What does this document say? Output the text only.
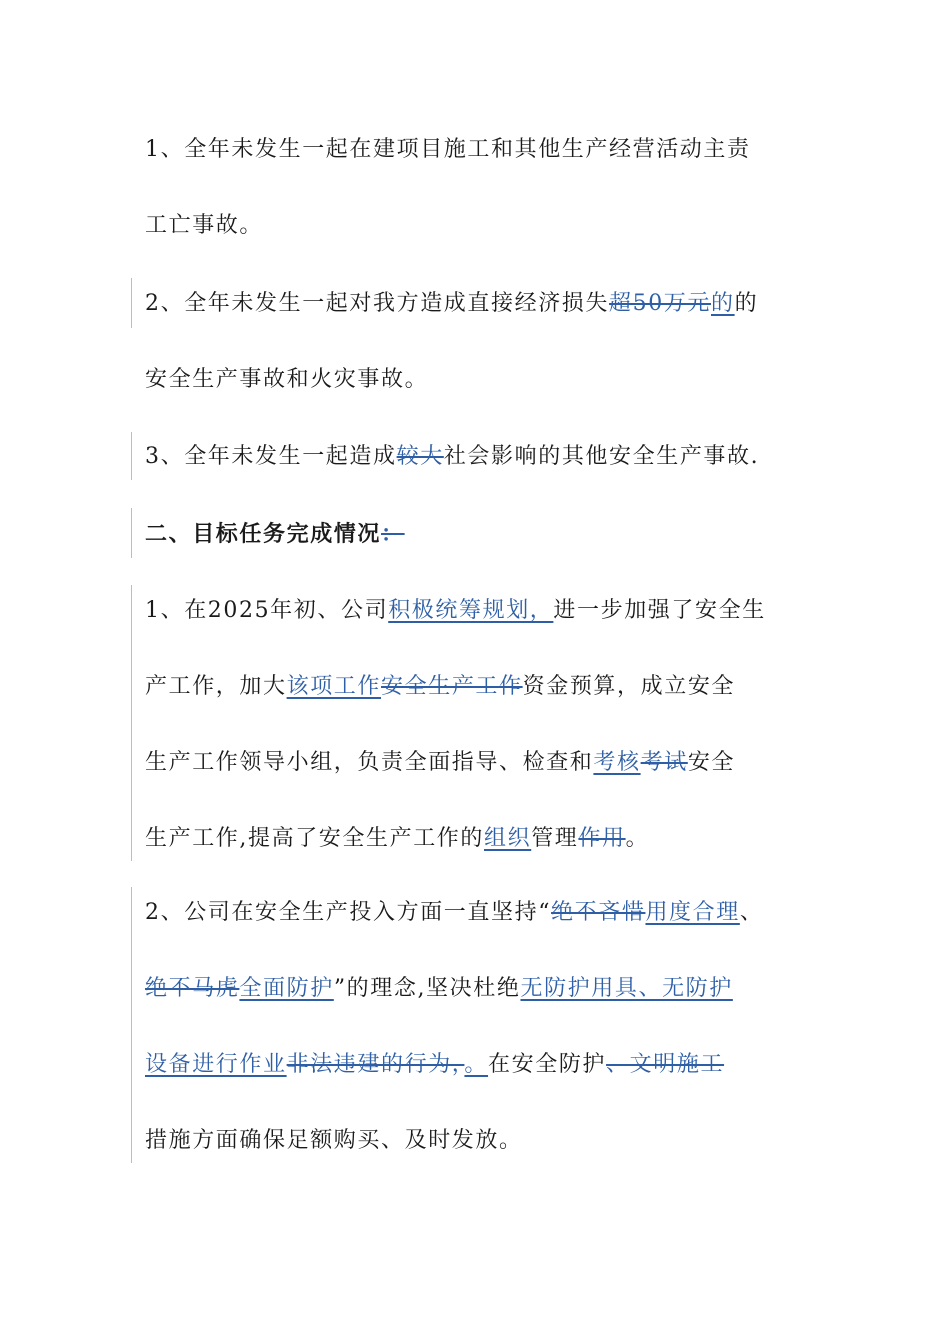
1、全年未发生一起在建项目施工和其他生产经营活动主责
工亡事故。
2、全年未发生一起对我方造成直接经济损失超50万元的的
安全生产事故和火灾事故。
3、全年未发生一起造成较大社会影响的其他安全生产事故.
二、目标任务完成情况：
1、在2025年初、公司积极统筹规划，进一步加强了安全生
产工作，加大该项工作安全生产工作资金预算，成立安全
生产工作领导小组，负责全面指导、检查和考核考试安全
生产工作,提高了安全生产工作的组织管理作用。
2、公司在安全生产投入方面一直坚持“绝不吝惜用度合理、
绝不马虎全面防护”的理念,坚决杜绝无防护用具、无防护
设备进行作业非法违建的行为，。在安全防护、文明施工
措施方面确保足额购买、及时发放。
